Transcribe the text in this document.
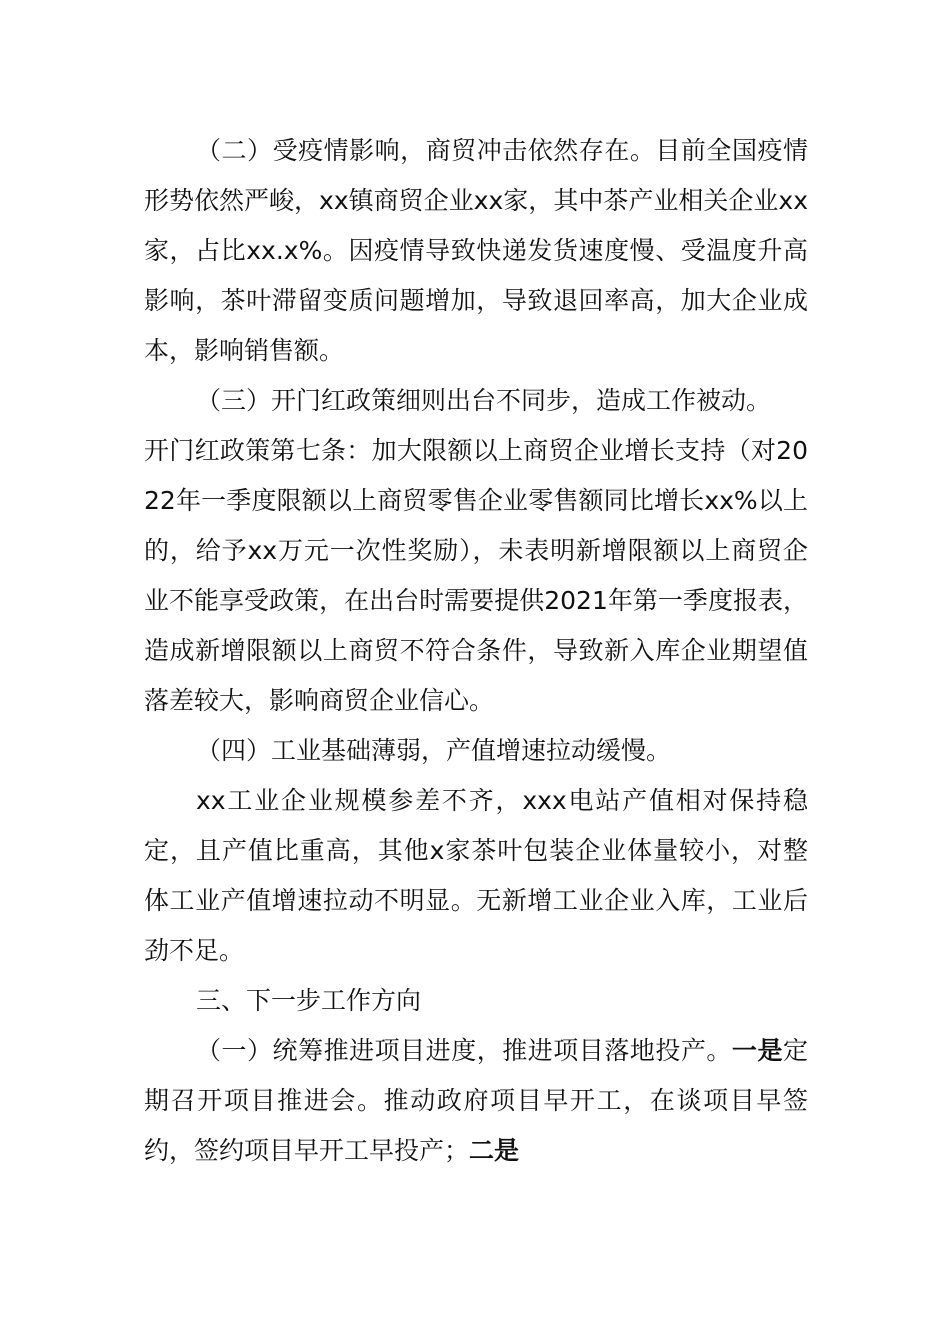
（二）受疫情影响，商贸冲击依然存在。目前全国疫情形势依然严峻，xx镇商贸企业xx家，其中茶产业相关企业xx家，占比xx.x%。因疫情导致快递发货速度慢、受温度升高影响，茶叶滞留变质问题增加，导致退回率高，加大企业成本，影响销售额。

（三）开门红政策细则出台不同步，造成工作被动。

开门红政策第七条：加大限额以上商贸企业增长支持（对2022年一季度限额以上商贸零售企业零售额同比增长xx%以上的，给予xx万元一次性奖励），未表明新增限额以上商贸企业不能享受政策，在出台时需要提供2021年第一季度报表，造成新增限额以上商贸不符合条件，导致新入库企业期望值落差较大，影响商贸企业信心。

（四）工业基础薄弱，产值增速拉动缓慢。

xx工业企业规模参差不齐，xxx电站产值相对保持稳定，且产值比重高，其他x家茶叶包装企业体量较小，对整体工业产值增速拉动不明显。无新增工业企业入库，工业后劲不足。

三、下一步工作方向

（一）统筹推进项目进度，推进项目落地投产。一是定期召开项目推进会。推动政府项目早开工，在谈项目早签约，签约项目早开工早投产；二是
